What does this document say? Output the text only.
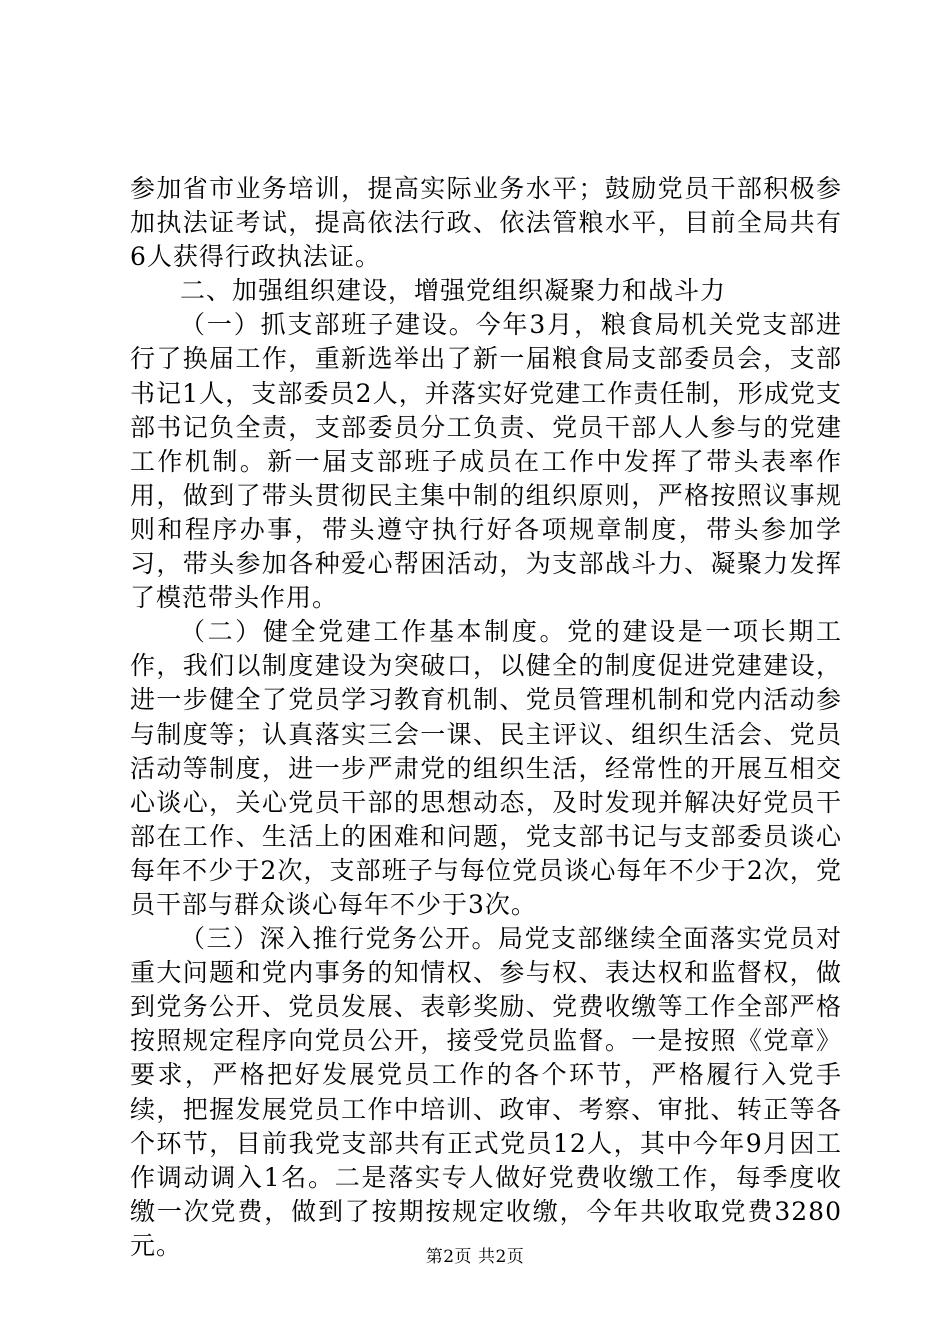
参加省市业务培训，提高实际业务水平；鼓励党员干部积极参加执法证考试，提高依法行政、依法管粮水平，目前全局共有6人获得行政执法证。

二、加强组织建设，增强党组织凝聚力和战斗力

（一）抓支部班子建设。今年3月，粮食局机关党支部进行了换届工作，重新选举出了新一届粮食局支部委员会，支部书记1人，支部委员2人，并落实好党建工作责任制，形成党支部书记负全责，支部委员分工负责、党员干部人人参与的党建工作机制。新一届支部班子成员在工作中发挥了带头表率作用，做到了带头贯彻民主集中制的组织原则，严格按照议事规则和程序办事，带头遵守执行好各项规章制度，带头参加学习，带头参加各种爱心帮困活动，为支部战斗力、凝聚力发挥了模范带头作用。

（二）健全党建工作基本制度。党的建设是一项长期工作，我们以制度建设为突破口，以健全的制度促进党建建设，进一步健全了党员学习教育机制、党员管理机制和党内活动参与制度等；认真落实三会一课、民主评议、组织生活会、党员活动等制度，进一步严肃党的组织生活，经常性的开展互相交心谈心，关心党员干部的思想动态，及时发现并解决好党员干部在工作、生活上的困难和问题，党支部书记与支部委员谈心每年不少于2次，支部班子与每位党员谈心每年不少于2次，党员干部与群众谈心每年不少于3次。

（三）深入推行党务公开。局党支部继续全面落实党员对重大问题和党内事务的知情权、参与权、表达权和监督权，做到党务公开、党员发展、表彰奖励、党费收缴等工作全部严格按照规定程序向党员公开，接受党员监督。一是按照《党章》要求，严格把好发展党员工作的各个环节，严格履行入党手续，把握发展党员工作中培训、政审、考察、审批、转正等各个环节，目前我党支部共有正式党员12人，其中今年9月因工作调动调入1名。二是落实专人做好党费收缴工作，每季度收缴一次党费，做到了按期按规定收缴，今年共收取党费3280元。	第2页 共2页
